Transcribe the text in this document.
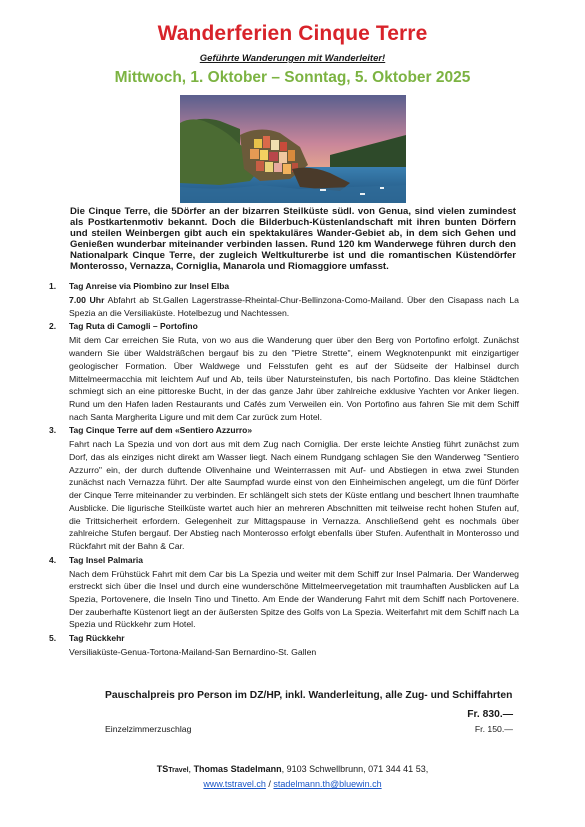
Wanderferien Cinque Terre
Geführte Wanderungen mit Wanderleiter!
Mittwoch, 1. Oktober – Sonntag, 5. Oktober 2025
Die Cinque Terre, die 5Dörfer an der bizarren Steilküste südl. von Genua, sind vielen zumindest als Postkartenmotiv bekannt. Doch die Bilderbuch-Küstenlandschaft mit ihren bunten Dörfern und steilen Weinbergen gibt auch ein spektakuläres Wander-Gebiet ab, in dem sich Gehen und Genießen wunderbar miteinander verbinden lassen. Rund 120 km Wanderwege führen durch den Nationalpark Cinque Terre, der zugleich Weltkulturerbe ist und die romantischen Küstendörfer Monterosso, Vernazza, Corniglia, Manarola und Riomaggiore umfasst.
1. Tag Anreise via Piombino zur Insel Elba
7.00 Uhr Abfahrt ab St.Gallen Lagerstrasse-Rheintal-Chur-Bellinzona-Como-Mailand. Über den Cisapass nach La Spezia an die Versiliaküste. Hotelbezug und Nachtessen.
2. Tag Ruta di Camogli – Portofino
Mit dem Car erreichen Sie Ruta, von wo aus die Wanderung quer über den Berg von Portofino erfolgt. Zunächst wandern Sie über Waldsträßchen bergauf bis zu den "Pietre Strette", einem Wegknotenpunkt mit einzigartiger geologischer Formation. Über Waldwege und Felsstufen geht es auf der Südseite der Halbinsel durch Mittelmeermacchia mit leichtem Auf und Ab, teils über Natursteinstufen, bis nach Portofino. Das kleine Städtchen schmiegt sich an eine pittoreske Bucht, in der das ganze Jahr über zahlreiche exklusive Yachten vor Anker liegen. Rund um den Hafen laden Restaurants und Cafés zum Verweilen ein. Von Portofino aus fahren Sie mit dem Schiff nach Santa Margherita Ligure und mit dem Car zurück zum Hotel.
3. Tag Cinque Terre auf dem «Sentiero Azzurro»
Fahrt nach La Spezia und von dort aus mit dem Zug nach Corniglia. Der erste leichte Anstieg führt zunächst zum Dorf, das als einziges nicht direkt am Wasser liegt. Nach einem Rundgang schlagen Sie den Wanderweg "Sentiero Azzurro" ein, der durch duftende Olivenhaine und Weinterrassen mit Auf- und Abstiegen in etwa zwei Stunden zunächst nach Vernazza führt. Der alte Saumpfad wurde einst von den Einheimischen angelegt, um die fünf Dörfer der Cinque Terre miteinander zu verbinden. Er schlängelt sich stets der Küste entlang und beschert Ihnen traumhafte Ausblicke. Die ligurische Steilküste wartet auch hier an mehreren Abschnitten mit teilweise recht hohen Stufen auf, die Trittsicherheit erfordern. Gelegenheit zur Mittagspause in Vernazza. Anschließend geht es nochmals über zahlreiche Stufen bergauf. Der Abstieg nach Monterosso erfolgt ebenfalls über Stufen. Aufenthalt in Monterosso und Rückfahrt mit der Bahn & Car.
4. Tag Insel Palmaria
Nach dem Frühstück Fahrt mit dem Car bis La Spezia und weiter mit dem Schiff zur Insel Palmaria. Der Wanderweg erstreckt sich über die Insel und durch eine wunderschöne Mittelmeervegetation mit traumhaften Ausblicken auf La Spezia, Portovenere, die Inseln Tino und Tinetto. Am Ende der Wanderung Fahrt mit dem Schiff nach Portovenere. Der zauberhafte Küstenort liegt an der äußersten Spitze des Golfs von La Spezia. Weiterfahrt mit dem Schiff nach La Spezia und Rückkehr zum Hotel.
5. Tag Rückkehr
Versiliaküste-Genua-Tortona-Mailand-San Bernardino-St. Gallen
Pauschalpreis pro Person im DZ/HP, inkl. Wanderleitung, alle Zug- und Schiffahrten
Fr. 830.—
Einzelzimmerzuschlag	Fr. 150.—
TSTravel, Thomas Stadelmann, 9103 Schwellbrunn, 071 344 41 53,
www.tstravel.ch / stadelmann.th@bluewin.ch
